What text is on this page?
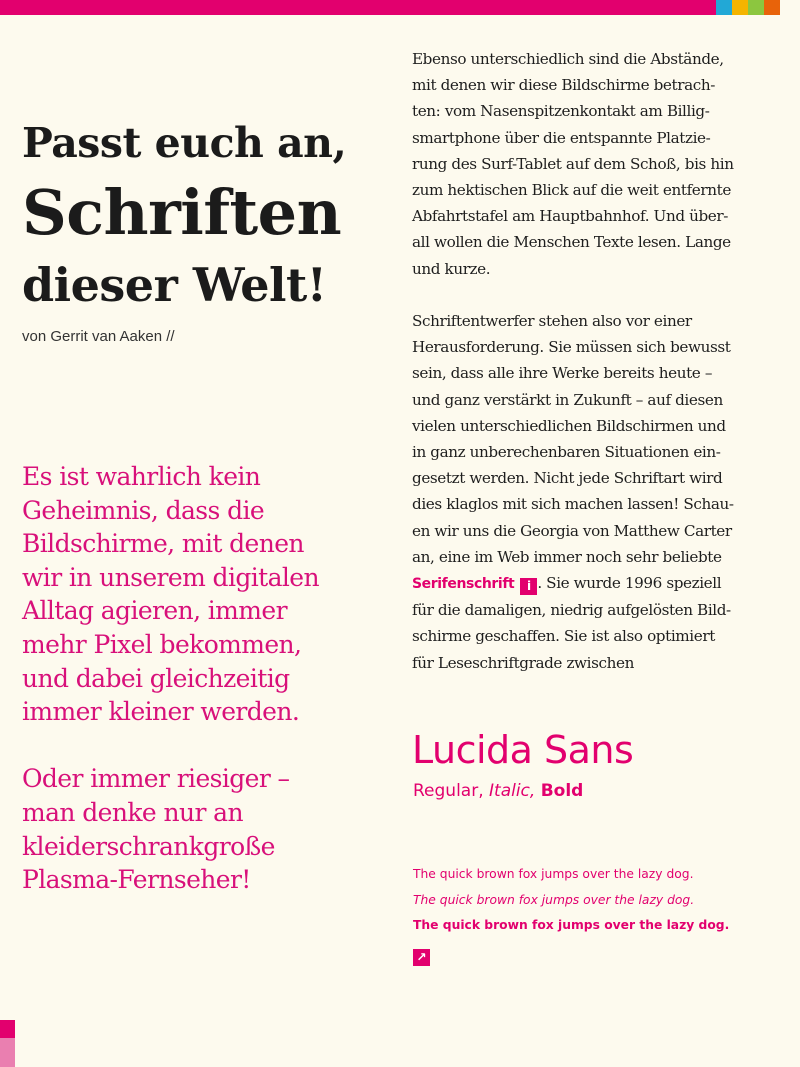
Passt euch an,
Schriften
dieser Welt!
von Gerrit van Aaken //

Es ist wahrlich kein
Geheimnis, dass die
Bildschirme, mit denen
wir in unserem digitalen
Alltag agieren, immer
mehr Pixel bekommen,
und dabei gleichzeitig
immer kleiner werden.

Oder immer riesiger –
man denke nur an
kleiderschrankgroße
Plasma-Fernseher!

Ebenso unterschiedlich sind die Abstände,
mit denen wir diese Bildschirme betrach-
ten: vom Nasenspitzenkontakt am Billig-
smartphone über die entspannte Platzie-
rung des Surf-Tablet auf dem Schoß, bis hin
zum hektischen Blick auf die weit entfernte
Abfahrtstafel am Hauptbahnhof. Und über-
all wollen die Menschen Texte lesen. Lange
und kurze.

Schriftentwerfer stehen also vor einer
Herausforderung. Sie müssen sich bewusst
sein, dass alle ihre Werke bereits heute –
und ganz verstärkt in Zukunft – auf diesen
vielen unterschiedlichen Bildschirmen und
in ganz unberechenbaren Situationen ein-
gesetzt werden. Nicht jede Schriftart wird
dies klaglos mit sich machen lassen! Schau-
en wir uns die Georgia von Matthew Carter
an, eine im Web immer noch sehr beliebte
Serifenschrift i . Sie wurde 1996 speziell
für die damaligen, niedrig aufgelösten Bild-
schirme geschaffen. Sie ist also optimiert
für Leseschriftgrade zwischen

Lucida Sans
Regular, Italic, Bold
The quick brown fox jumps over the lazy dog.
The quick brown fox jumps over the lazy dog.
The quick brown fox jumps over the lazy dog.
↗
